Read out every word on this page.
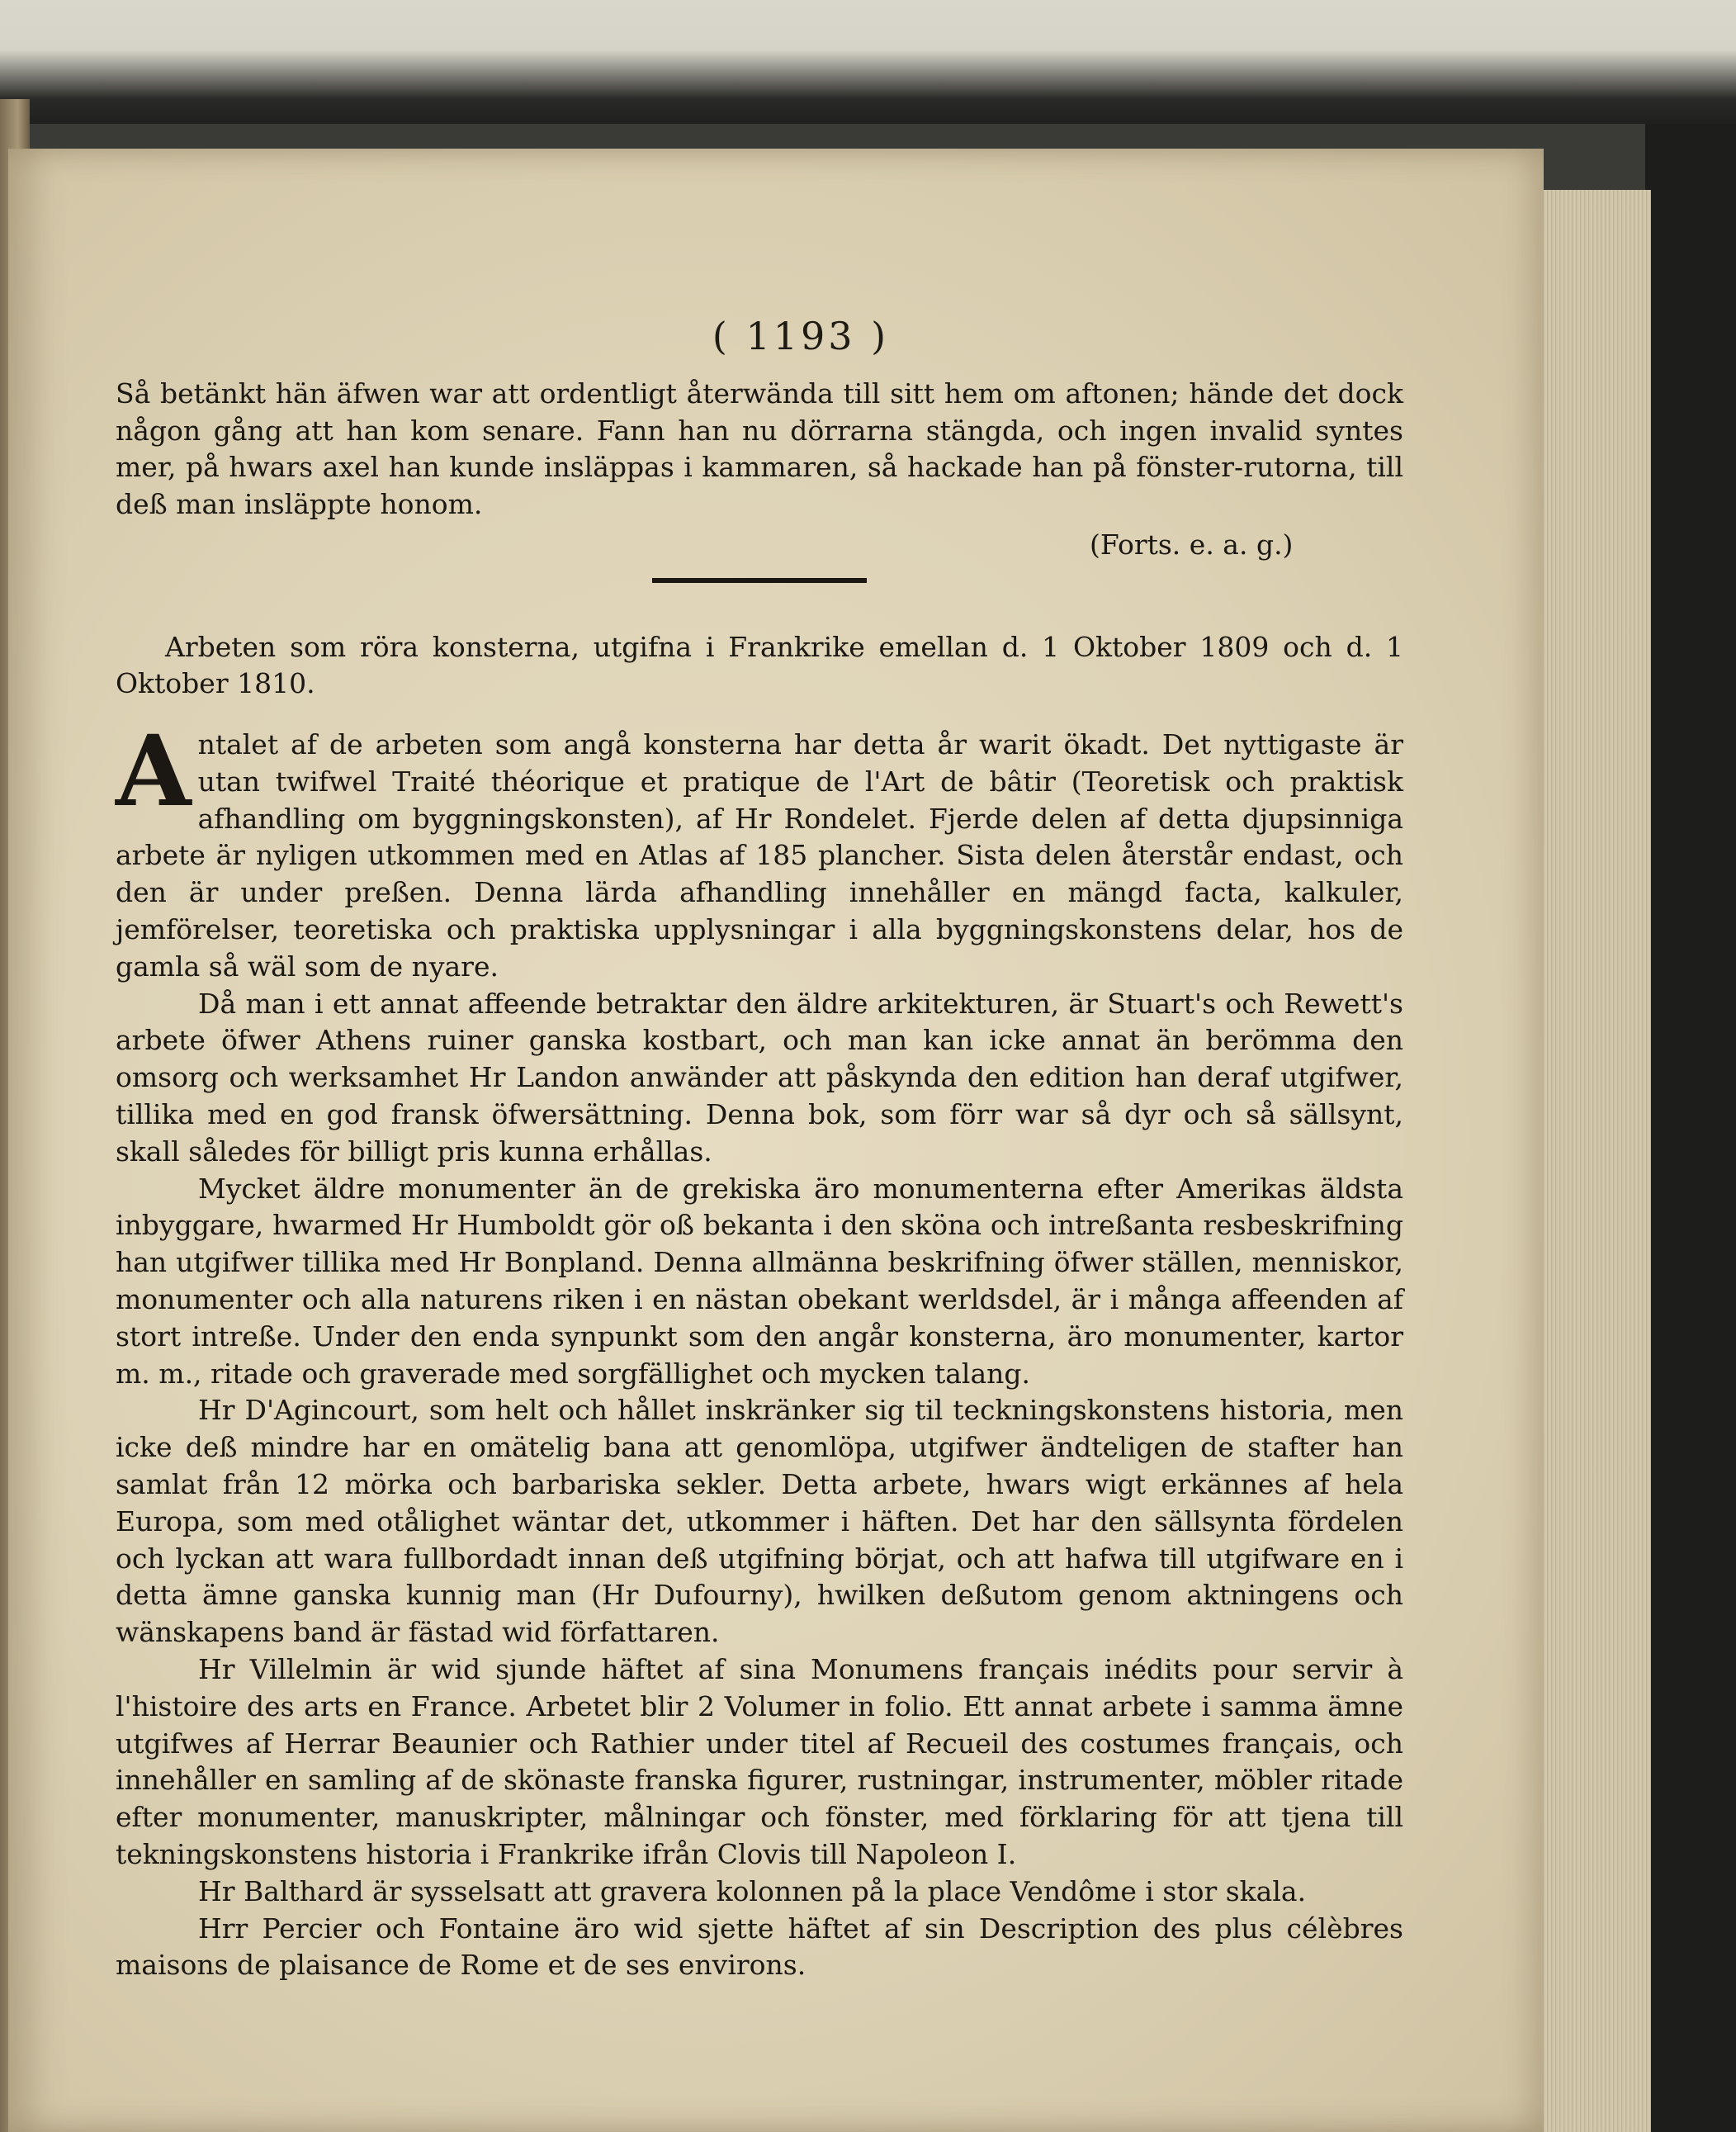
( 1193 )

Så betänkt hän äfwen war att ordentligt återwända till sitt hem om aftonen; hände det dock någon gång att han kom senare. Fann han nu dörrarna stängda, och ingen invalid syntes mer, på hwars axel han kunde insläppas i kammaren, så hackade han på fönster-rutorna, till deß man insläppte honom.

(Forts. e. a. g.)

Arbeten som röra konsterna, utgifna i Frankrike emellan d. 1 Oktober 1809 och d. 1 Oktober 1810.

Antalet af de arbeten som angå konsterna har detta år warit ökadt. Det nyttigaste är utan twifwel Traité théorique et pratique de l'Art de bâtir (Teoretisk och praktisk afhandling om byggningskonsten), af Hr Rondelet. Fjerde delen af detta djupsinniga arbete är nyligen utkommen med en Atlas af 185 plancher. Sista delen återstår endast, och den är under preßen. Denna lärda afhandling innehåller en mängd facta, kalkuler, jemförelser, teoretiska och praktiska upplysningar i alla byggningskonstens delar, hos de gamla så wäl som de nyare.

Då man i ett annat affeende betraktar den äldre arkitekturen, är Stuart's och Rewett's arbete öfwer Athens ruiner ganska kostbart, och man kan icke annat än berömma den omsorg och werksamhet Hr Landon anwänder att påskynda den edition han deraf utgifwer, tillika med en god fransk öfwersättning. Denna bok, som förr war så dyr och så sällsynt, skall således för billigt pris kunna erhållas.

Mycket äldre monumenter än de grekiska äro monumenterna efter Amerikas äldsta inbyggare, hwarmed Hr Humboldt gör oß bekanta i den sköna och intreßanta resbeskrifning han utgifwer tillika med Hr Bonpland. Denna allmänna beskrifning öfwer ställen, menniskor, monumenter och alla naturens riken i en nästan obekant werldsdel, är i många affeenden af stort intreße. Under den enda synpunkt som den angår konsterna, äro monumenter, kartor m. m., ritade och graverade med sorgfällighet och mycken talang.

Hr D'Agincourt, som helt och hållet inskränker sig til teckningskonstens historia, men icke deß mindre har en omätelig bana att genomlöpa, utgifwer ändteligen de stafter han samlat från 12 mörka och barbariska sekler. Detta arbete, hwars wigt erkännes af hela Europa, som med otålighet wäntar det, utkommer i häften. Det har den sällsynta fördelen och lyckan att wara fullbordadt innan deß utgifning börjat, och att hafwa till utgifware en i detta ämne ganska kunnig man (Hr Dufourny), hwilken deßutom genom aktningens och wänskapens band är fästad wid författaren.

Hr Villelmin är wid sjunde häftet af sina Monumens français inédits pour servir à l'histoire des arts en France. Arbetet blir 2 Volumer in folio. Ett annat arbete i samma ämne utgifwes af Herrar Beaunier och Rathier under titel af Recueil des costumes français, och innehåller en samling af de skönaste franska figurer, rustningar, instrumenter, möbler ritade efter monumenter, manuskripter, målningar och fönster, med förklaring för att tjena till tekningskonstens historia i Frankrike ifrån Clovis till Napoleon I.

Hr Balthard är sysselsatt att gravera kolonnen på la place Vendôme i stor skala.

Hrr Percier och Fontaine äro wid sjette häftet af sin Description des plus célèbres maisons de plaisance de Rome et de ses environs.
